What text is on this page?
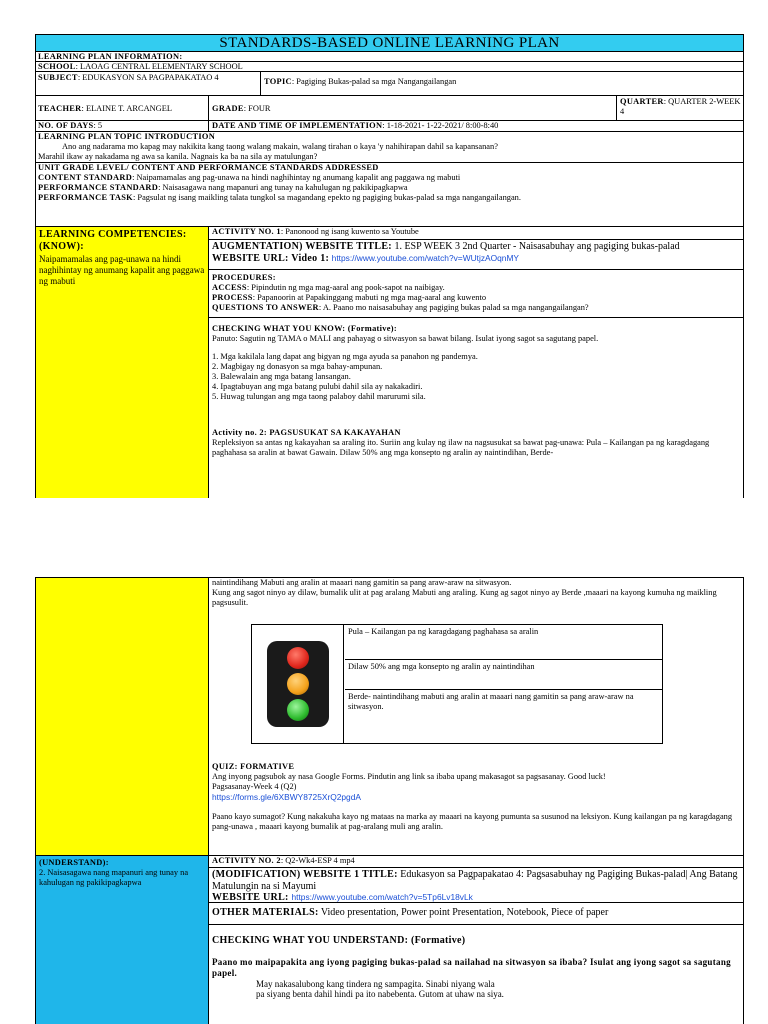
STANDARDS-BASED ONLINE LEARNING PLAN
LEARNING PLAN INFORMATION:
SCHOOL: LAOAG CENTRAL ELEMENTARY SCHOOL
SUBJECT: EDUKASYON SA PAGPAPAKATAO 4	TOPIC: Pagiging Bukas-palad sa mga Nangangailangan
TEACHER: ELAINE T. ARCANGEL	GRADE: FOUR
QUARTER: QUARTER 2-WEEK 4
NO. OF DAYS: 5	DATE AND TIME OF IMPLEMENTATION: 1-18-2021- 1-22-2021/ 8:00-8:40
LEARNING PLAN TOPIC INTRODUCTION
Ano ang nadarama mo kapag may nakikita kang taong walang makain, walang tirahan o kaya 'y nahihirapan dahil sa kapansanan?
Marahil ikaw ay nakadama ng awa sa kanila. Nagnais ka ba na sila ay matulungan?
UNIT GRADE LEVEL/ CONTENT AND PERFORMANCE STANDARDS ADDRESSED
CONTENT STANDARD: Naipamamalas ang pag-unawa na hindi naghihintay ng anumang kapalit ang paggawa ng mabuti
PERFORMANCE STANDARD: Naisasagawa nang mapanuri ang tunay na kahulugan ng pakikipagkapwa
PERFORMANCE TASK: Pagsulat ng isang maikling talata tungkol sa magandang epekto ng pagiging bukas-palad sa mga nangangailangan.
LEARNING COMPETENCIES: (KNOW):
Naipamamalas ang pag-unawa na hindi naghihintay ng anumang kapalit ang paggawa ng mabuti
ACTIVITY NO. 1: Panonood ng isang kuwento sa Youtube
AUGMENTATION) WEBSITE TITLE: 1. ESP WEEK 3 2nd Quarter - Naisasabuhay ang pagiging bukas-palad
WEBSITE URL: Video 1: https://www.youtube.com/watch?v=WUtjzAOqnMY
PROCEDURES:
ACCESS: Pipindutin ng mga mag-aaral ang pook-sapot na naibigay.
PROCESS: Papanoorin at Papakinggang mabuti ng mga mag-aaral ang kuwento
QUESTIONS TO ANSWER: A. Paano mo naisasabuhay ang pagiging bukas palad sa mga nangangailangan?
CHECKING WHAT YOU KNOW: (Formative):
Panuto: Sagutin ng TAMA o MALI ang pahayag o sitwasyon sa bawat bilang. Isulat iyong sagot sa sagutang papel.
1. Mga kakilala lang dapat ang bigyan ng mga ayuda sa panahon ng pandemya.
2. Magbigay ng donasyon sa mga bahay-ampunan.
3. Balewalain ang mga batang lansangan.
4. Ipagtabuyan ang mga batang pulubi dahil sila ay nakakadiri.
5. Huwag tulungan ang mga taong palaboy dahil marurumi sila.
Activity no. 2: PAGSUSUKAT SA KAKAYAHAN
Repleksiyon sa antas ng kakayahan sa araling ito. Suriin ang kulay ng ilaw na nagsusukat sa bawat pag-unawa: Pula – Kailangan pa ng karagdagang paghahasa sa aralin at bawat Gawain. Dilaw 50% ang mga konsepto ng aralin ay naintindihan, Berde-
naintindihang Mabuti ang aralin at maaari nang gamitin sa pang araw-araw na sitwasyon.
Kung ang sagot ninyo ay dilaw, bumalik ulit at pag aralang Mabuti ang araling. Kung ag sagot ninyo ay Berde ,maaari na kayong kumuha ng maikling pagsusulit.
Pula – Kailangan pa ng karagdagang paghahasa sa aralin
Dilaw 50% ang mga konsepto ng aralin ay naintindihan
Berde- naintindihang mabuti ang aralin at maaari nang gamitin sa pang araw-araw na sitwasyon.
QUIZ: FORMATIVE
Ang inyong pagsubok ay nasa Google Forms. Pindutin ang link sa ibaba upang makasagot sa pagsasanay. Good luck!
Pagsasanay-Week 4 (Q2)
https://forms.gle/6XBWY8725XrQ2pgdA
Paano kayo sumagot? Kung nakakuha kayo ng mataas na marka ay maaari na kayong pumunta sa susunod na leksiyon. Kung kailangan pa ng karagdagang pang-unawa , maaari kayong bumalik at pag-aralang muli ang aralin.
(UNDERSTAND):
2. Naisasagawa nang mapanuri ang tunay na kahulugan ng pakikipagkapwa
ACTIVITY NO. 2: Q2-Wk4-ESP 4 mp4
(MODIFICATION) WEBSITE 1 TITLE: Edukasyon sa Pagpapakatao 4: Pagsasabuhay ng Pagiging Bukas-palad| Ang Batang Matulungin na si Mayumi
WEBSITE URL: https://www.youtube.com/watch?v=5Tp6Lv18vLk
OTHER MATERIALS: Video presentation, Power point Presentation, Notebook, Piece of paper
CHECKING WHAT YOU UNDERSTAND: (Formative)
Paano mo maipapakita ang iyong pagiging bukas-palad sa nailahad na sitwasyon sa ibaba? Isulat ang iyong sagot sa sagutang papel.
May nakasalubong kang tindera ng sampagita. Sinabi niyang wala
pa siyang benta dahil hindi pa ito nabebenta. Gutom at uhaw na siya.
